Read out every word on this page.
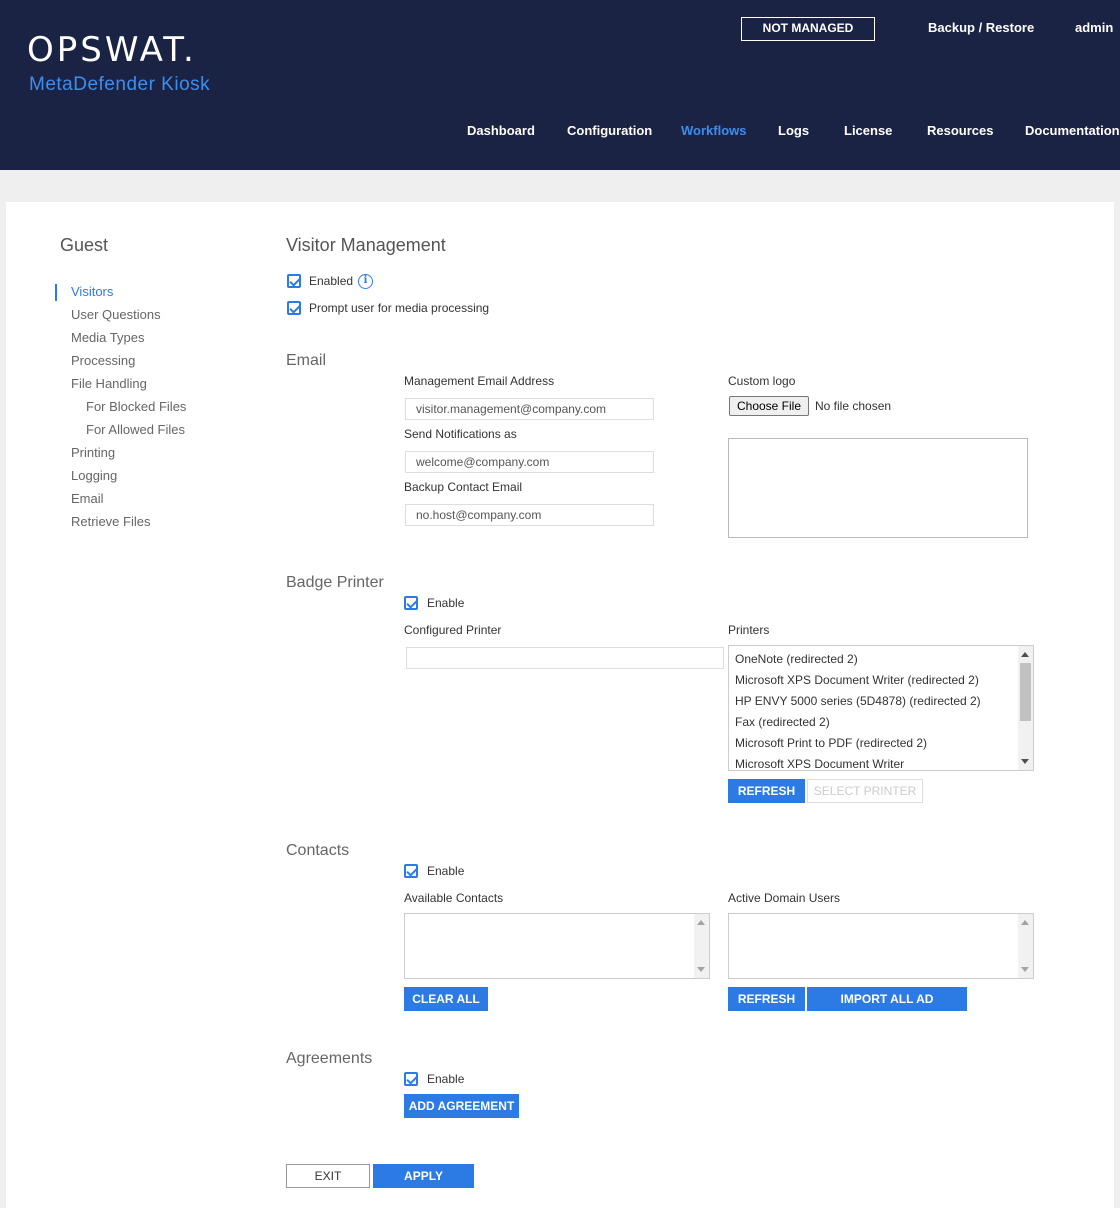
OPSWAT.
MetaDefender Kiosk
NOT MANAGED	Backup / Restore	admin
Dashboard Configuration Workflows Logs	License	Resources Documentation
Guest
Visitors
User Questions
Media Types
Processing
File Handling
For Blocked Files
For Allowed Files
Printing
Logging
Email
Retrieve Files
Visitor Management
Enabled	i
Prompt user for media processing
Email
Management Email Address
visitor.management@company.com
Send Notifications as
welcome@company.com
Backup Contact Email
no.host@company.com
Custom logo
Choose File	No file chosen
Badge Printer
Enable
Configured Printer	Printers
OneNote (redirected 2)
Microsoft XPS Document Writer (redirected 2)
HP ENVY 5000 series (5D4878) (redirected 2)
Fax (redirected 2)
Microsoft Print to PDF (redirected 2)
Microsoft XPS Document Writer
REFRESH	SELECT PRINTER
Contacts
Enable
Available Contacts	Active Domain Users
CLEAR ALL	REFRESH	IMPORT ALL AD CONTACTS
Agreements
Enable
ADD AGREEMENT
EXIT	APPLY
